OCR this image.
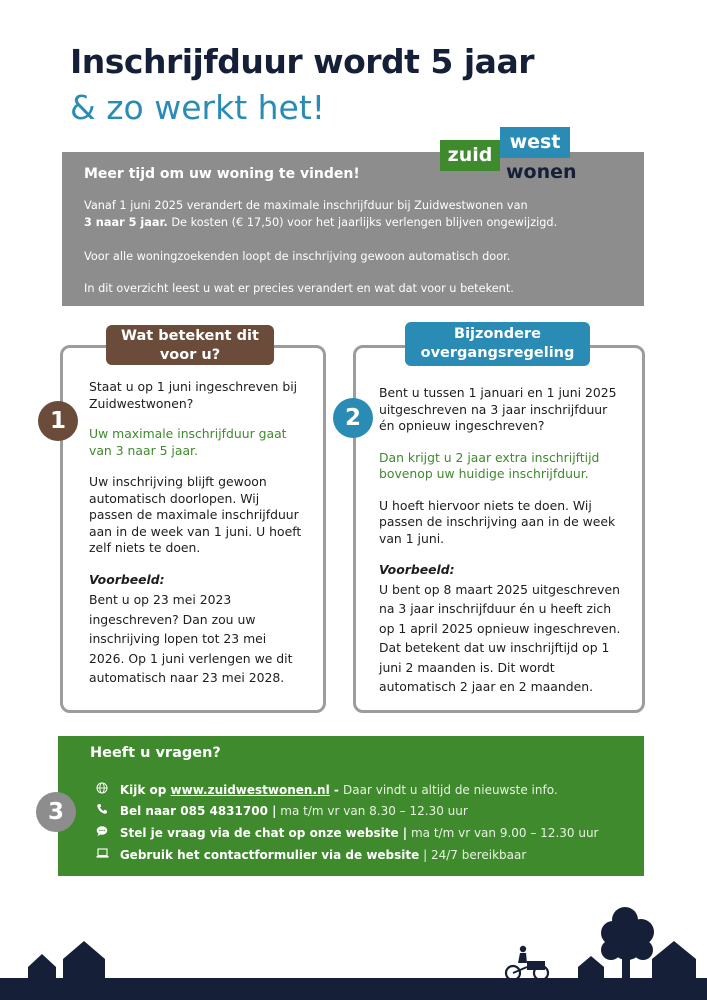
Inschrijfduur wordt 5 jaar
& zo werkt het!
Meer tijd om uw woning te vinden!

Vanaf 1 juni 2025 verandert de maximale inschrijfduur bij Zuidwestwonen van
3 naar 5 jaar. De kosten (€ 17,50) voor het jaarlijks verlengen blijven ongewijzigd.

Voor alle woningzoekenden loopt de inschrijving gewoon automatisch door.

In dit overzicht leest u wat er precies verandert en wat dat voor u betekent.

zuid
west
wonen
Wat betekent dit
voor u?
1

Staat u op 1 juni ingeschreven bij
Zuidwestwonen?

Uw maximale inschrijfduur gaat
van 3 naar 5 jaar.

Uw inschrijving blijft gewoon
automatisch doorlopen. Wij
passen de maximale inschrijfduur
aan in de week van 1 juni. U hoeft
zelf niets te doen.

Voorbeeld:

Bent u op 23 mei 2023
ingeschreven? Dan zou uw
inschrijving lopen tot 23 mei
2026. Op 1 juni verlengen we dit
automatisch naar 23 mei 2028.

Bijzondere
overgangsregeling
2

Bent u tussen 1 januari en 1 juni 2025
uitgeschreven na 3 jaar inschrijfduur
én opnieuw ingeschreven?

Dan krijgt u 2 jaar extra inschrijftijd
bovenop uw huidige inschrijfduur.

U hoeft hiervoor niets te doen. Wij
passen de inschrijving aan in de week
van 1 juni.

Voorbeeld:

U bent op 8 maart 2025 uitgeschreven
na 3 jaar inschrijfduur én u heeft zich
op 1 april 2025 opnieuw ingeschreven.
Dat betekent dat uw inschrijftijd op 1
juni 2 maanden is. Dit wordt
automatisch 2 jaar en 2 maanden.

Heeft u vragen?
Kijk op www.zuidwestwonen.nl - Daar vindt u altijd de nieuwste info.
Bel naar 085 4831700 | ma t/m vr van 8.30 – 12.30 uur
Stel je vraag via de chat op onze website | ma t/m vr van 9.00 – 12.30 uur
Gebruik het contactformulier via de website | 24/7 bereikbaar
3
